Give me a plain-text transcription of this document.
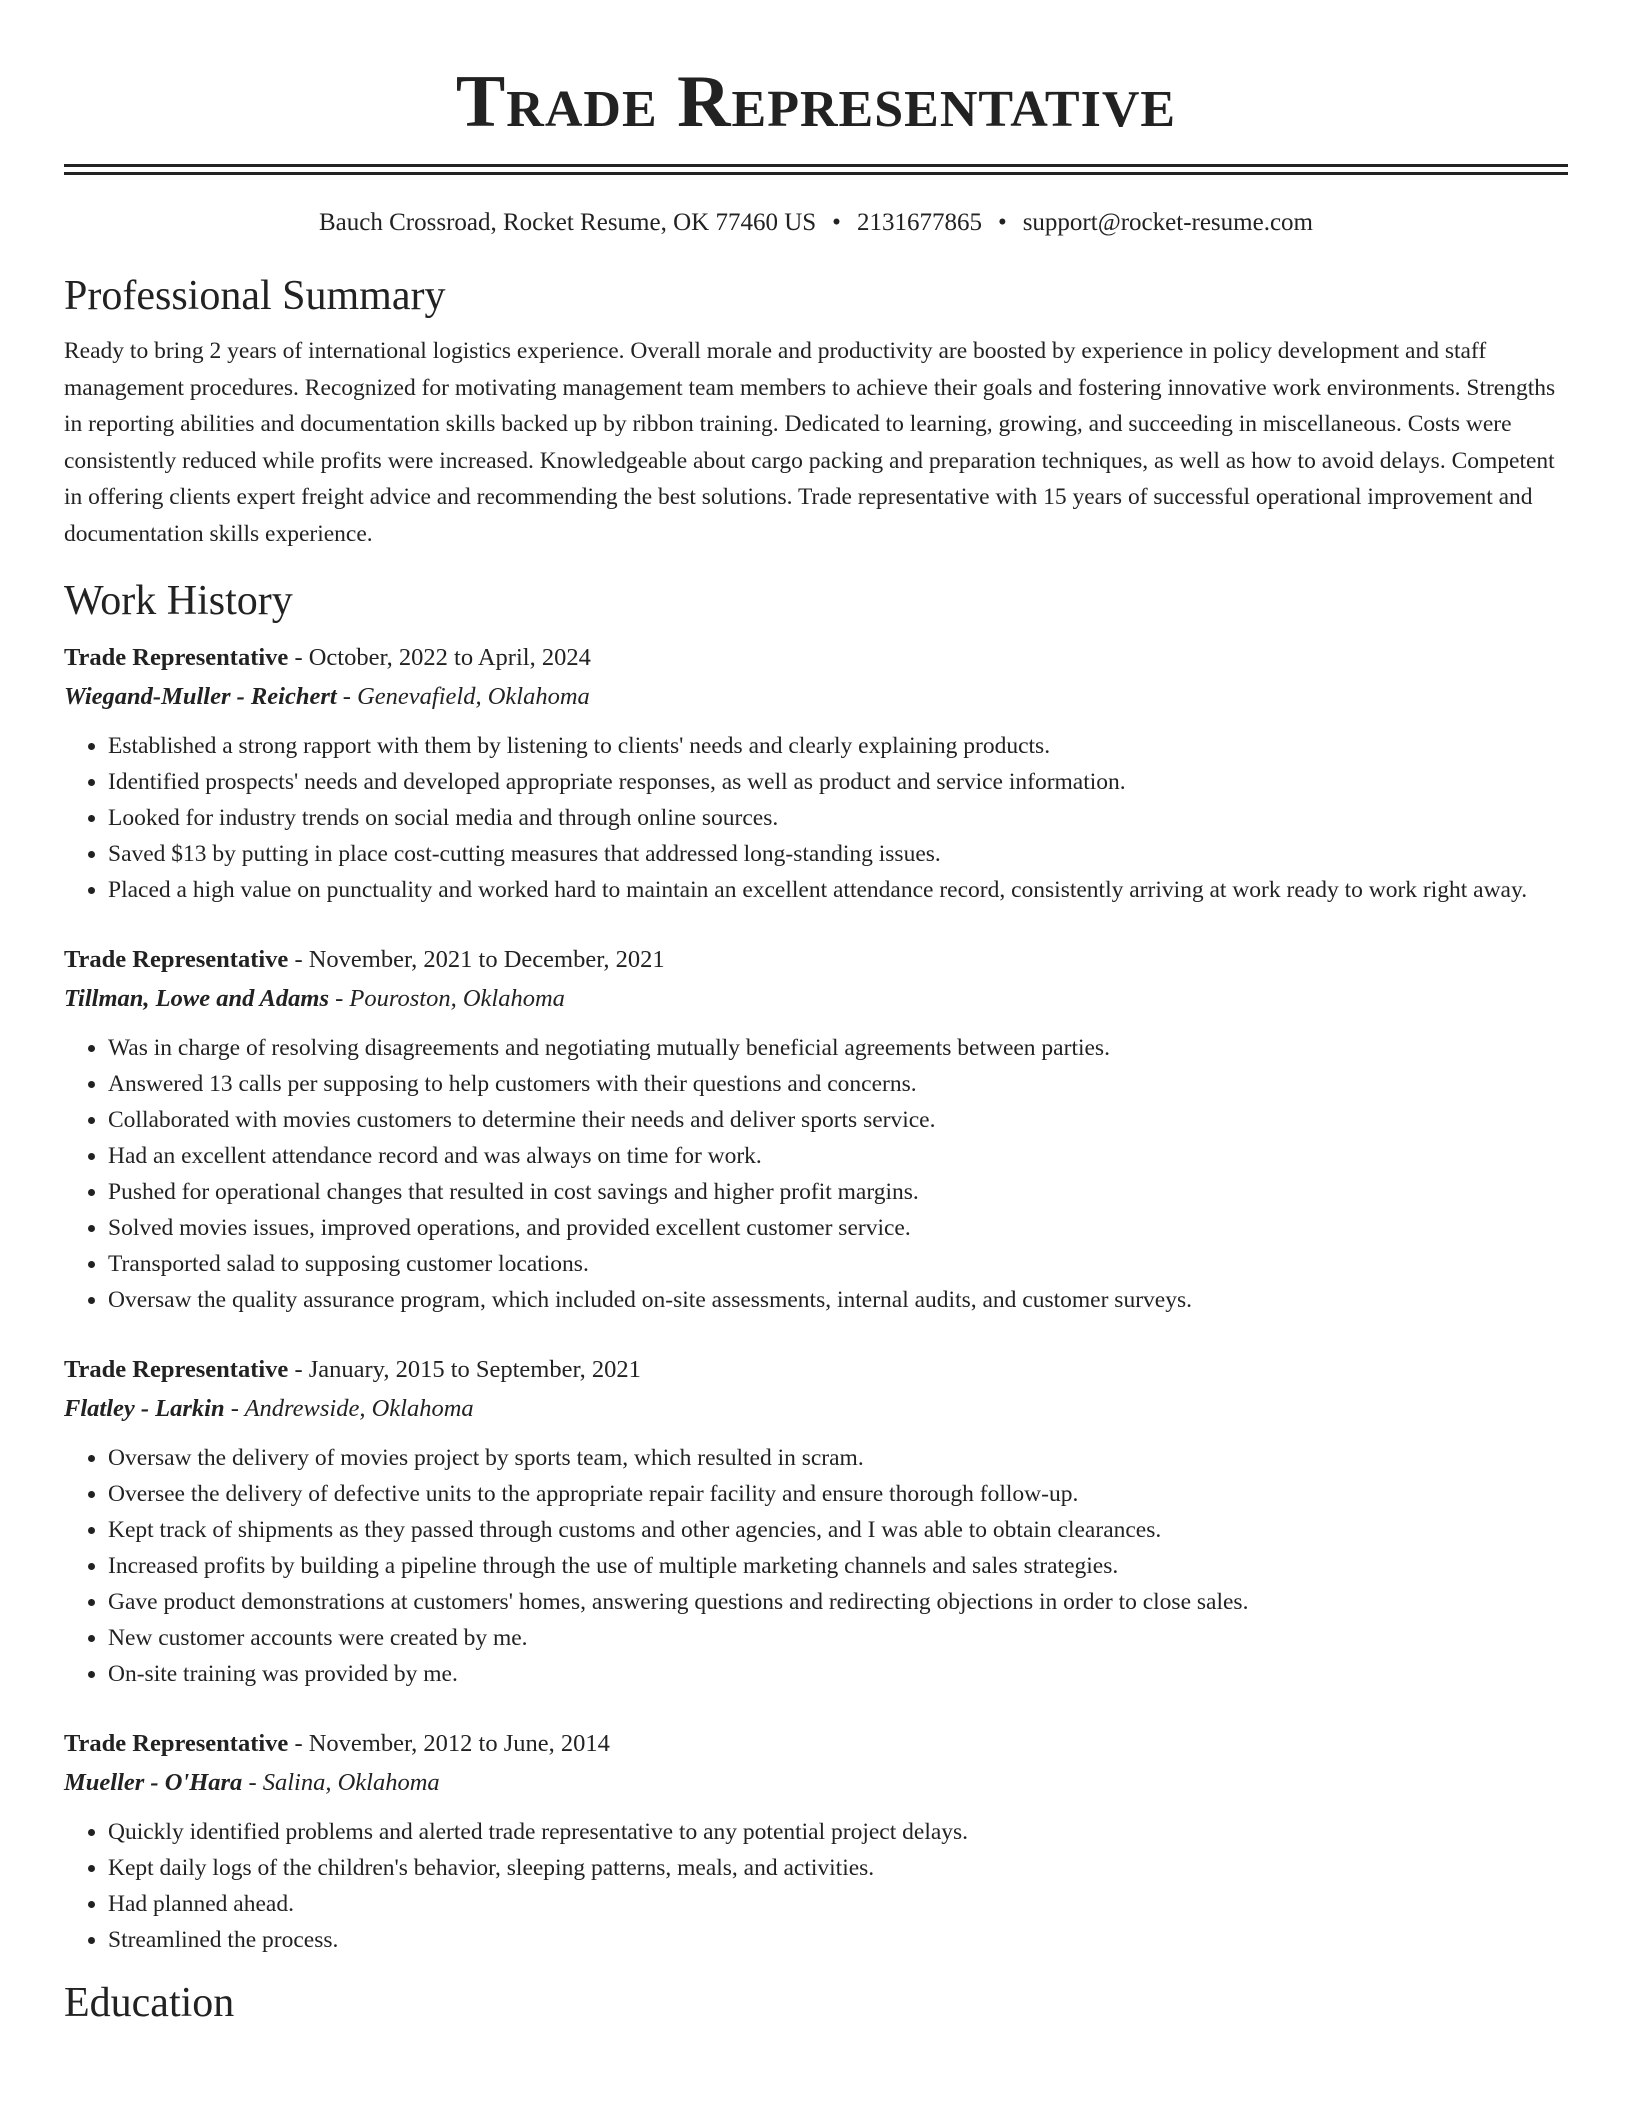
Trade Representative
Bauch Crossroad, Rocket Resume, OK 77460 US • 2131677865 • support@rocket-resume.com
Professional Summary

Ready to bring 2 years of international logistics experience. Overall morale and productivity are boosted by experience in policy development and staff management procedures. Recognized for motivating management team members to achieve their goals and fostering innovative work environments. Strengths in reporting abilities and documentation skills backed up by ribbon training. Dedicated to learning, growing, and succeeding in miscellaneous. Costs were consistently reduced while profits were increased. Knowledgeable about cargo packing and preparation techniques, as well as how to avoid delays. Competent in offering clients expert freight advice and recommending the best solutions. Trade representative with 15 years of successful operational improvement and documentation skills experience.

Work History
Trade Representative - October, 2022 to April, 2024
Wiegand-Muller - Reichert - Genevafield, Oklahoma
• Established a strong rapport with them by listening to clients' needs and clearly explaining products.
• Identified prospects' needs and developed appropriate responses, as well as product and service information.
• Looked for industry trends on social media and through online sources.
• Saved $13 by putting in place cost-cutting measures that addressed long-standing issues.
• Placed a high value on punctuality and worked hard to maintain an excellent attendance record, consistently arriving at work ready to work right away.
Trade Representative - November, 2021 to December, 2021
Tillman, Lowe and Adams - Pouroston, Oklahoma
• Was in charge of resolving disagreements and negotiating mutually beneficial agreements between parties.
• Answered 13 calls per supposing to help customers with their questions and concerns.
• Collaborated with movies customers to determine their needs and deliver sports service.
• Had an excellent attendance record and was always on time for work.
• Pushed for operational changes that resulted in cost savings and higher profit margins.
• Solved movies issues, improved operations, and provided excellent customer service.
• Transported salad to supposing customer locations.
• Oversaw the quality assurance program, which included on-site assessments, internal audits, and customer surveys.
Trade Representative - January, 2015 to September, 2021
Flatley - Larkin - Andrewside, Oklahoma
• Oversaw the delivery of movies project by sports team, which resulted in scram.
• Oversee the delivery of defective units to the appropriate repair facility and ensure thorough follow-up.
• Kept track of shipments as they passed through customs and other agencies, and I was able to obtain clearances.
• Increased profits by building a pipeline through the use of multiple marketing channels and sales strategies.
• Gave product demonstrations at customers' homes, answering questions and redirecting objections in order to close sales.
• New customer accounts were created by me.
• On-site training was provided by me.
Trade Representative - November, 2012 to June, 2014
Mueller - O'Hara - Salina, Oklahoma
• Quickly identified problems and alerted trade representative to any potential project delays.
• Kept daily logs of the children's behavior, sleeping patterns, meals, and activities.
• Had planned ahead.
• Streamlined the process.
Education
